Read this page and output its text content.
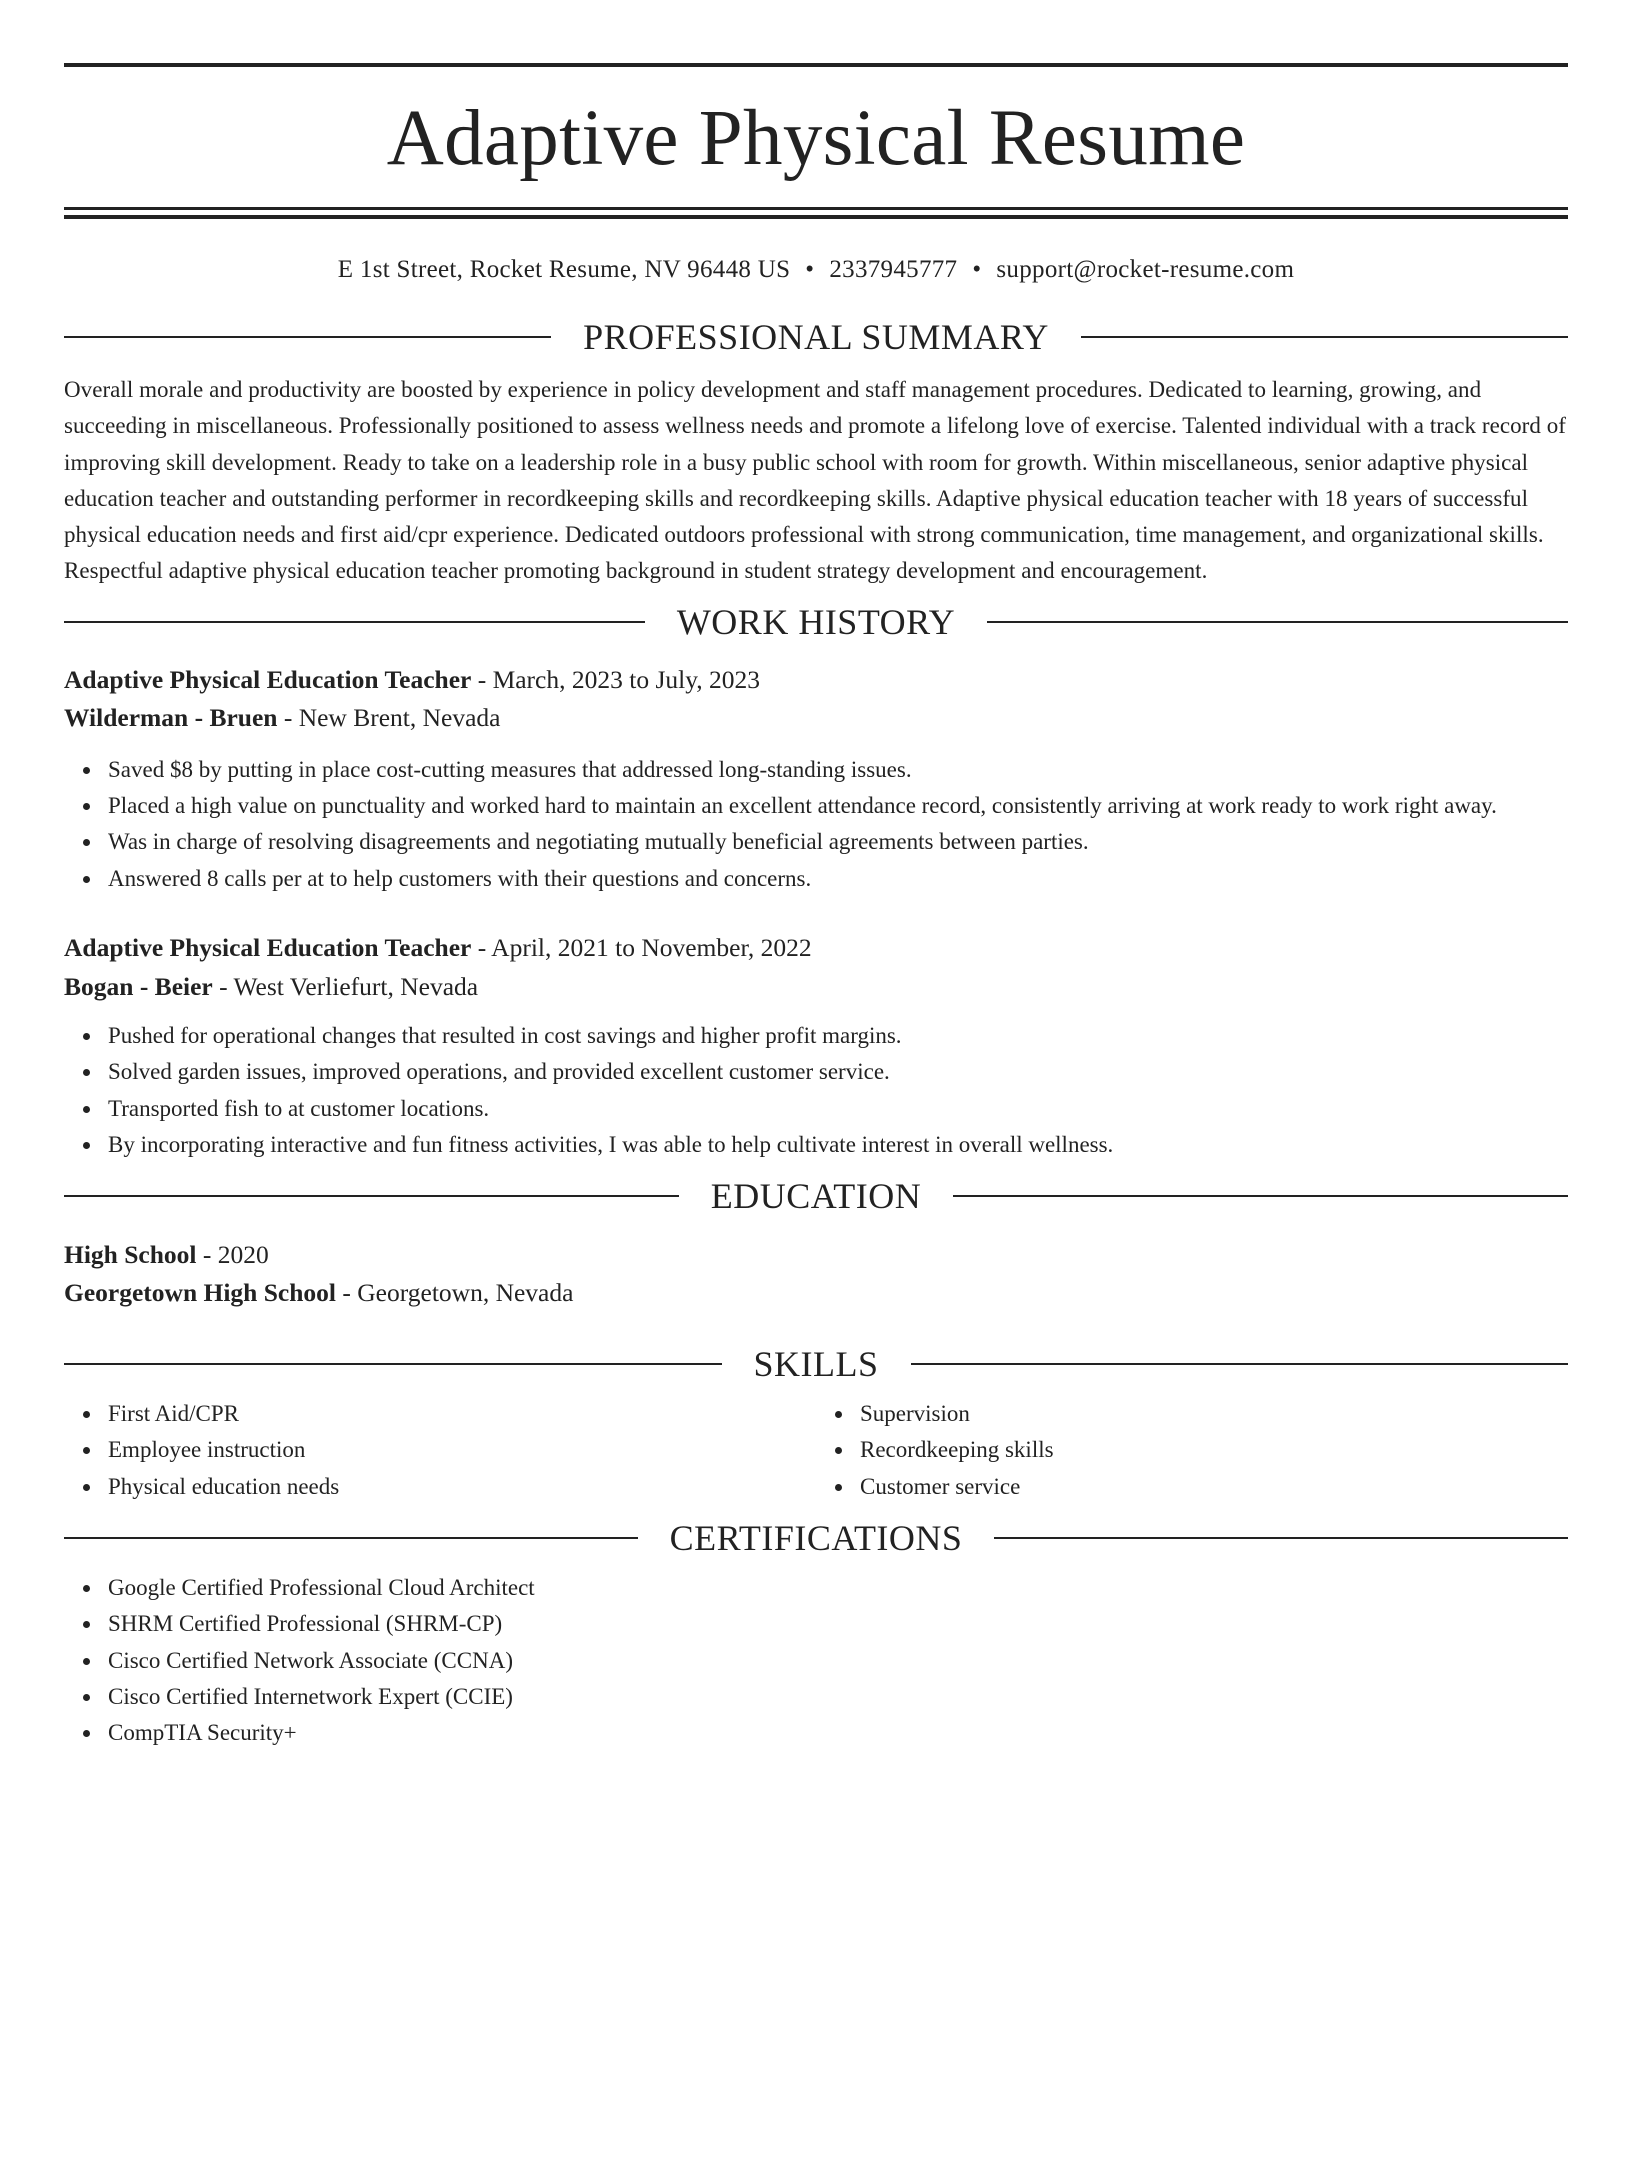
Adaptive Physical Resume
E 1st Street, Rocket Resume, NV 96448 US • 2337945777 • support@rocket-resume.com
PROFESSIONAL SUMMARY

Overall morale and productivity are boosted by experience in policy development and staff management procedures. Dedicated to learning, growing, and succeeding in miscellaneous. Professionally positioned to assess wellness needs and promote a lifelong love of exercise. Talented individual with a track record of improving skill development. Ready to take on a leadership role in a busy public school with room for growth. Within miscellaneous, senior adaptive physical education teacher and outstanding performer in recordkeeping skills and recordkeeping skills. Adaptive physical education teacher with 18 years of successful physical education needs and first aid/cpr experience. Dedicated outdoors professional with strong communication, time management, and organizational skills. Respectful adaptive physical education teacher promoting background in student strategy development and encouragement.

WORK HISTORY
Adaptive Physical Education Teacher - March, 2023 to July, 2023
Wilderman - Bruen - New Brent, Nevada
Saved $8 by putting in place cost-cutting measures that addressed long-standing issues.
Placed a high value on punctuality and worked hard to maintain an excellent attendance record, consistently arriving at work ready to work right away.
Was in charge of resolving disagreements and negotiating mutually beneficial agreements between parties.
Answered 8 calls per at to help customers with their questions and concerns.
Adaptive Physical Education Teacher - April, 2021 to November, 2022
Bogan - Beier - West Verliefurt, Nevada
Pushed for operational changes that resulted in cost savings and higher profit margins.
Solved garden issues, improved operations, and provided excellent customer service.
Transported fish to at customer locations.
By incorporating interactive and fun fitness activities, I was able to help cultivate interest in overall wellness.
EDUCATION
High School - 2020
Georgetown High School - Georgetown, Nevada
SKILLS
First Aid/CPR
Employee instruction
Physical education needs
Supervision
Recordkeeping skills
Customer service
CERTIFICATIONS
Google Certified Professional Cloud Architect
SHRM Certified Professional (SHRM-CP)
Cisco Certified Network Associate (CCNA)
Cisco Certified Internetwork Expert (CCIE)
CompTIA Security+
